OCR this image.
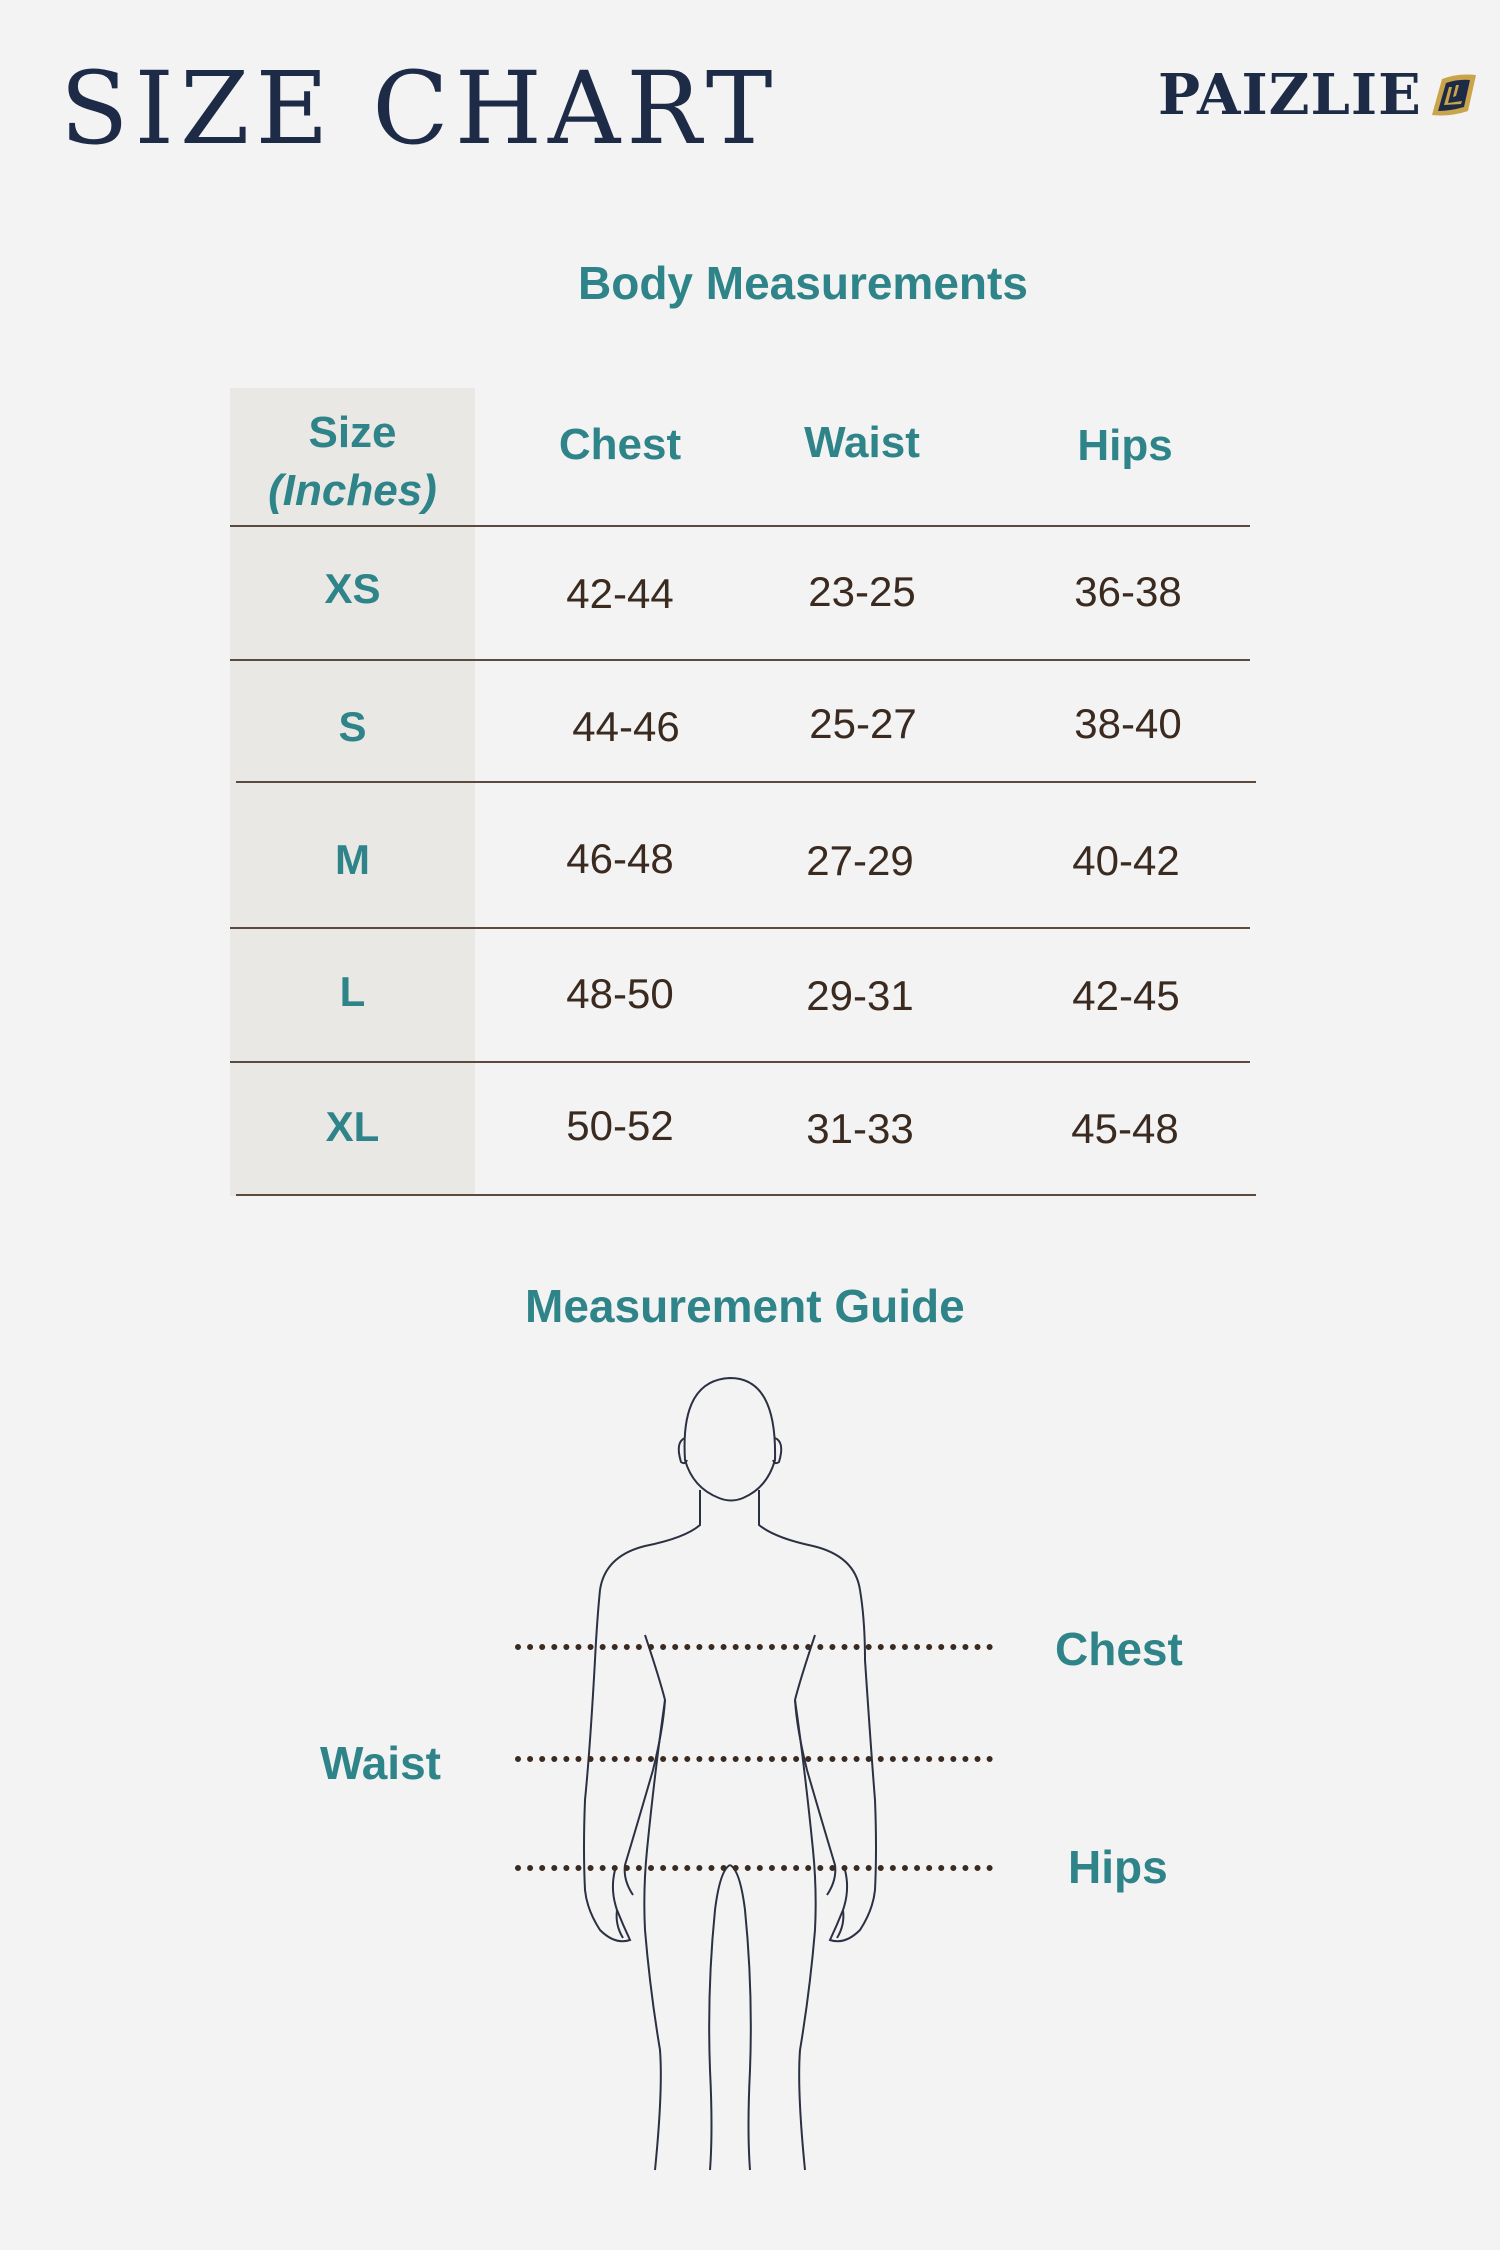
SIZE CHART	PAIZLIE
Body Measurements
Size
(Inches)
Chest	Waist	Hips
XS	42-44	23-25	36-38
S	44-46	25-27	38-40
M	46-48	27-29	40-42
L	48-50	29-31	42-45
XL	50-52	31-33	45-48
Measurement Guide
Chest
Waist
Hips
